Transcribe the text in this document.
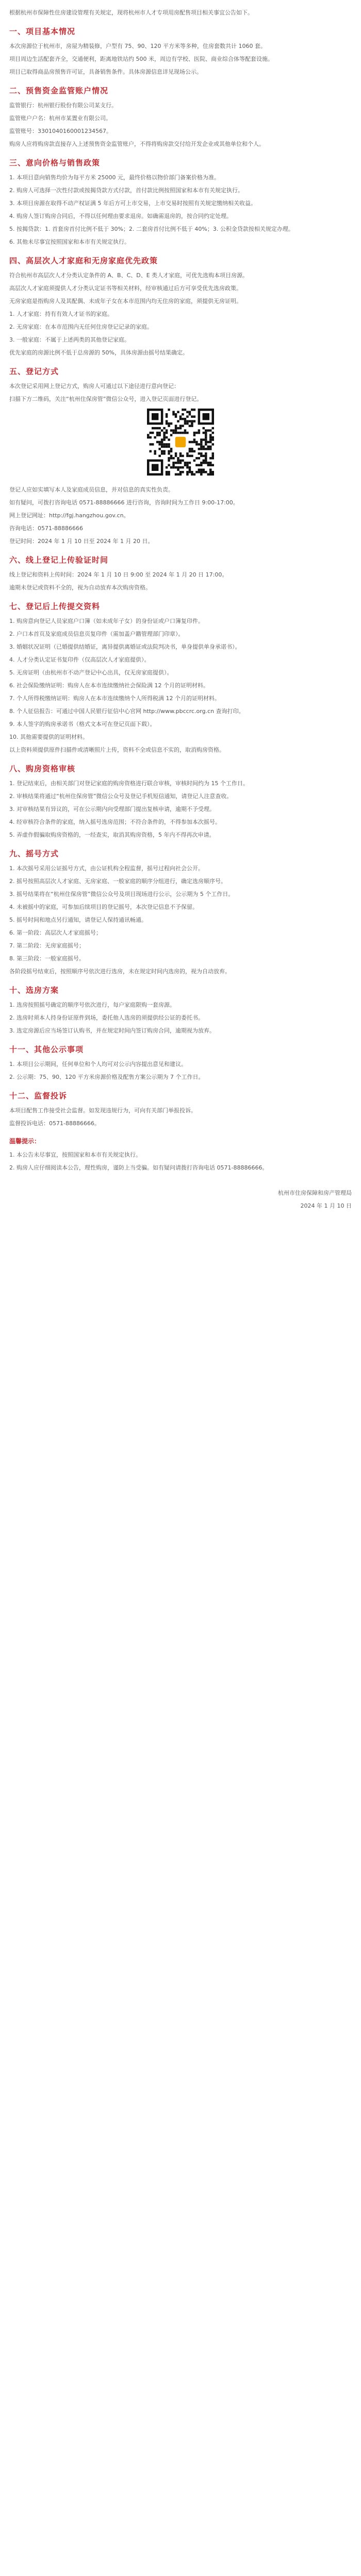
根据杭州市保障性住房建设管理有关规定，现将杭州市人才专项用房配售项目相关事宜公告如下。

一、项目基本情况

本次房源位于杭州市，房屋为精装修，户型有 75、90、120 平方米等多种，住房套数共计 1060 套。

项目周边生活配套齐全，交通便利，距离地铁站约 500 米，周边有学校、医院、商业综合体等配套设施。

项目已取得商品房预售许可证，具备销售条件。具体房源信息详见现场公示。

二、预售资金监管账户情况

监管银行：杭州银行股份有限公司某支行。

监管账户户名：杭州市某置业有限公司。

监管账号：3301040160001234567。

购房人应将购房款直接存入上述预售资金监管账户，不得将购房款交付给开发企业或其他单位和个人。

三、意向价格与销售政策

1. 本项目意向销售均价为每平方米 25000 元，最终价格以物价部门备案价格为准。

2. 购房人可选择一次性付款或按揭贷款方式付款，首付款比例按照国家和本市有关规定执行。

3. 本项目房源在取得不动产权证满 5 年后方可上市交易，上市交易时按照有关规定缴纳相关收益。

4. 购房人签订购房合同后，不得以任何理由要求退房。如确需退房的，按合同约定处理。

5. 按揭贷款：1. 首套房首付比例不低于 30%；2. 二套房首付比例不低于 40%；3. 公积金贷款按相关规定办理。

6. 其他未尽事宜按照国家和本市有关规定执行。

四、高层次人才家庭和无房家庭优先政策

符合杭州市高层次人才分类认定条件的 A、B、C、D、E 类人才家庭，可优先选购本项目房源。

高层次人才家庭须提供人才分类认定证书等相关材料，经审核通过后方可享受优先选房政策。

无房家庭是指购房人及其配偶、未成年子女在本市范围内均无住房的家庭，须提供无房证明。

1. 人才家庭：持有有效人才证书的家庭。

2. 无房家庭：在本市范围内无任何住房登记记录的家庭。

3. 一般家庭：不属于上述两类的其他登记家庭。

优先家庭的房源比例不低于总房源的 50%，具体房源由摇号结果确定。

五、登记方式

本次登记采用网上登记方式，购房人可通过以下途径进行意向登记：

扫描下方二维码，关注“杭州住保房管”微信公众号，进入登记页面进行登记。

登记人应如实填写本人及家庭成员信息，并对信息的真实性负责。

如有疑问，可拨打咨询电话 0571-88886666 进行咨询，咨询时间为工作日 9:00-17:00。

网上登记网址：http://fgj.hangzhou.gov.cn。

咨询电话：0571-88886666

登记时间：2024 年 1 月 10 日至 2024 年 1 月 20 日。

六、线上登记上传验证时间

线上登记和资料上传时间：2024 年 1 月 10 日 9:00 至 2024 年 1 月 20 日 17:00。

逾期未登记或资料不全的，视为自动放弃本次购房资格。

七、登记后上传提交资料

1. 购房意向登记人员家庭户口簿（如未成年子女）的身份证或户口簿复印件。

2. 户口本首页及家庭成员信息页复印件（需加盖户籍管理部门印章）。

3. 婚姻状况证明（已婚提供结婚证，离异提供离婚证或法院判决书，单身提供单身承诺书）。

4. 人才分类认定证书复印件（仅高层次人才家庭提供）。

5. 无房证明（由杭州市不动产登记中心出具，仅无房家庭提供）。

6. 社会保险缴纳证明：购房人在本市连续缴纳社会保险满 12 个月的证明材料。

7. 个人所得税缴纳证明：购房人在本市连续缴纳个人所得税满 12 个月的证明材料。

8. 个人征信报告：可通过中国人民银行征信中心官网 http://www.pbccrc.org.cn 查询打印。

9. 本人签字的购房承诺书（格式文本可在登记页面下载）。

10. 其他需要提供的证明材料。

以上资料须提供原件扫描件或清晰照片上传，资料不全或信息不实的，取消购房资格。

八、购房资格审核

1. 登记结束后，由相关部门对登记家庭的购房资格进行联合审核，审核时间约为 15 个工作日。

2. 审核结果将通过“杭州住保房管”微信公众号及登记手机短信通知，请登记人注意查收。

3. 对审核结果有异议的，可在公示期内向受理部门提出复核申请，逾期不予受理。

4. 经审核符合条件的家庭，纳入摇号选房范围；不符合条件的，不得参加本次摇号。

5. 弄虚作假骗取购房资格的，一经查实，取消其购房资格，5 年内不得再次申请。

九、摇号方式

1. 本次摇号采用公证摇号方式，由公证机构全程监督，摇号过程向社会公开。

2. 摇号按照高层次人才家庭、无房家庭、一般家庭的顺序分组进行，确定选房顺序号。

3. 摇号结果将在“杭州住保房管”微信公众号及项目现场进行公示，公示期为 5 个工作日。

4. 未被摇中的家庭，可参加后续项目的登记摇号，本次登记信息不予保留。

5. 摇号时间和地点另行通知，请登记人保持通讯畅通。

6. 第一阶段：高层次人才家庭摇号；

7. 第二阶段：无房家庭摇号；

8. 第三阶段：一般家庭摇号。

各阶段摇号结束后，按照顺序号依次进行选房，未在规定时间内选房的，视为自动放弃。

十、选房方案

1. 选房按照摇号确定的顺序号依次进行，每户家庭限购一套房源。

2. 选房时须本人持身份证原件到场，委托他人选房的须提供经公证的委托书。

3. 选定房源后应当场签订认购书，并在规定时间内签订购房合同，逾期视为放弃。

十一、其他公示事项

1. 本项目公示期间，任何单位和个人均可对公示内容提出意见和建议。

2. 公示期：75、90、120 平方米房源价格及配售方案公示期为 7 个工作日。

十二、监督投诉

本项目配售工作接受社会监督。如发现违规行为，可向有关部门举报投诉。

监督投诉电话：0571-88886666。

温馨提示：

1. 本公告未尽事宜，按照国家和本市有关规定执行。

2. 购房人应仔细阅读本公告，理性购房，谨防上当受骗。如有疑问请拨打咨询电话 0571-88886666。

杭州市住房保障和房产管理局

2024 年 1 月 10 日
